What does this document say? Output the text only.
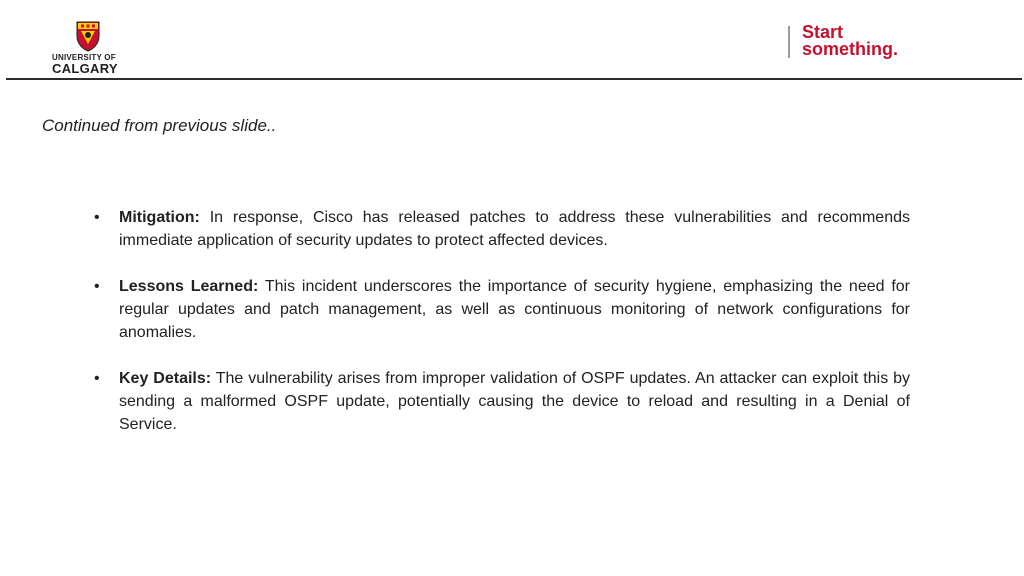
UNIVERSITY OF
CALGARY
Start
something.
Continued from previous slide..
• Mitigation: In response, Cisco has released patches to address these vulnerabilities and recommends immediate application of security updates to protect affected devices.
• Lessons Learned: This incident underscores the importance of security hygiene, emphasizing the need for regular updates and patch management, as well as continuous monitoring of network configurations for anomalies.
• Key Details: The vulnerability arises from improper validation of OSPF updates. An attacker can exploit this by sending a malformed OSPF update, potentially causing the device to reload and resulting in a Denial of Service.
